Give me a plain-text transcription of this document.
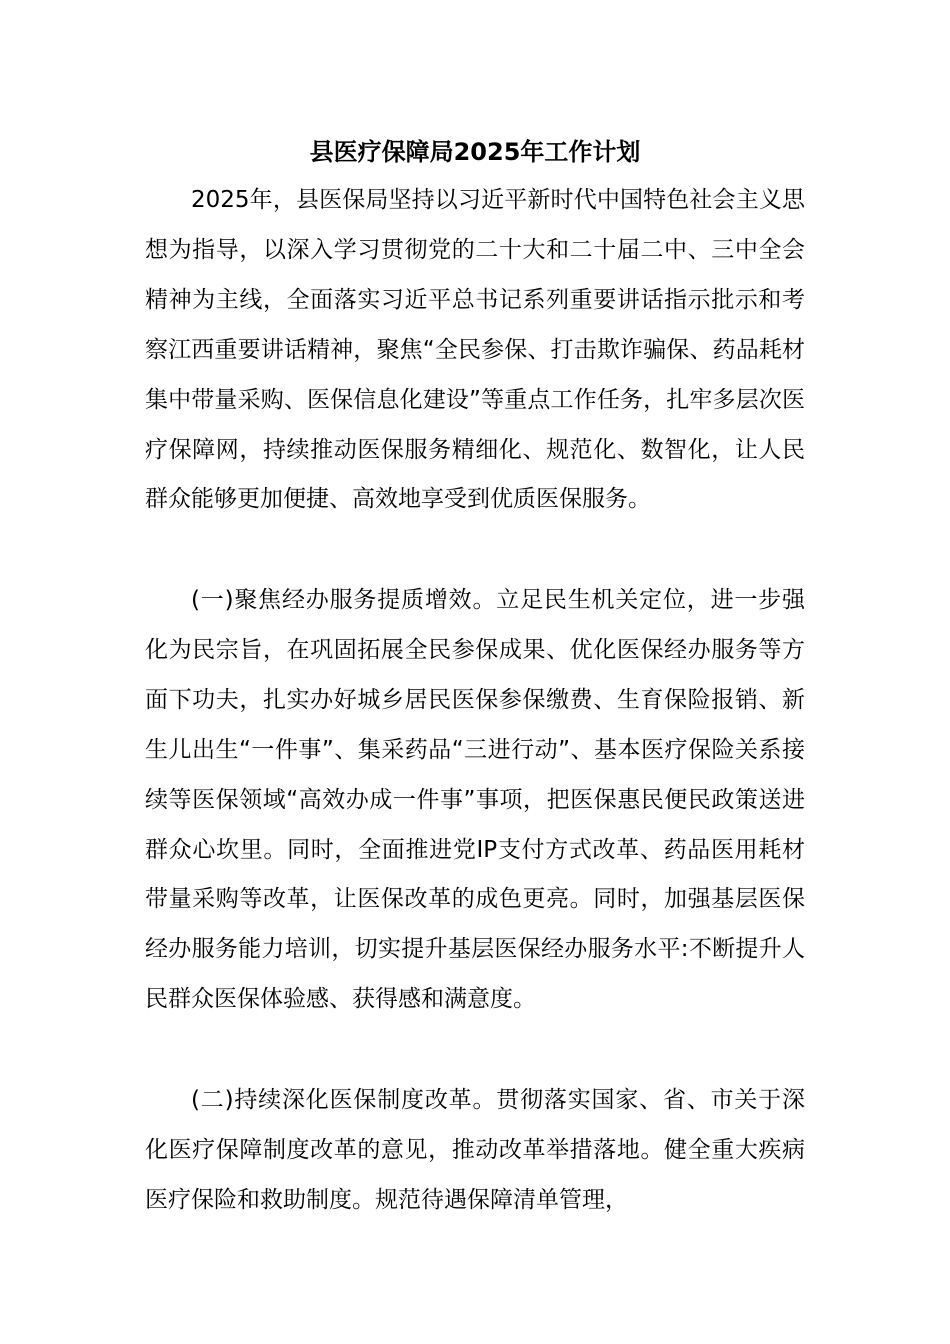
县医疗保障局2025年工作计划

2025年，县医保局坚持以习近平新时代中国特色社会主义思想为指导，以深入学习贯彻党的二十大和二十届二中、三中全会精神为主线，全面落实习近平总书记系列重要讲话指示批示和考察江西重要讲话精神，聚焦“全民参保、打击欺诈骗保、药品耗材集中带量采购、医保信息化建设”等重点工作任务，扎牢多层次医疗保障网，持续推动医保服务精细化、规范化、数智化，让人民群众能够更加便捷、高效地享受到优质医保服务。

(一)聚焦经办服务提质增效。立足民生机关定位，进一步强化为民宗旨，在巩固拓展全民参保成果、优化医保经办服务等方面下功夫，扎实办好城乡居民医保参保缴费、生育保险报销、新生儿出生“一件事”、集采药品“三进行动”、基本医疗保险关系接续等医保领域“高效办成一件事”事项，把医保惠民便民政策送进群众心坎里。同时，全面推进党IP支付方式改革、药品医用耗材带量采购等改革，让医保改革的成色更亮。同时，加强基层医保经办服务能力培训，切实提升基层医保经办服务水平:不断提升人民群众医保体验感、获得感和满意度。

(二)持续深化医保制度改革。贯彻落实国家、省、市关于深化医疗保障制度改革的意见，推动改革举措落地。健全重大疾病医疗保险和救助制度。规范待遇保障清单管理，
